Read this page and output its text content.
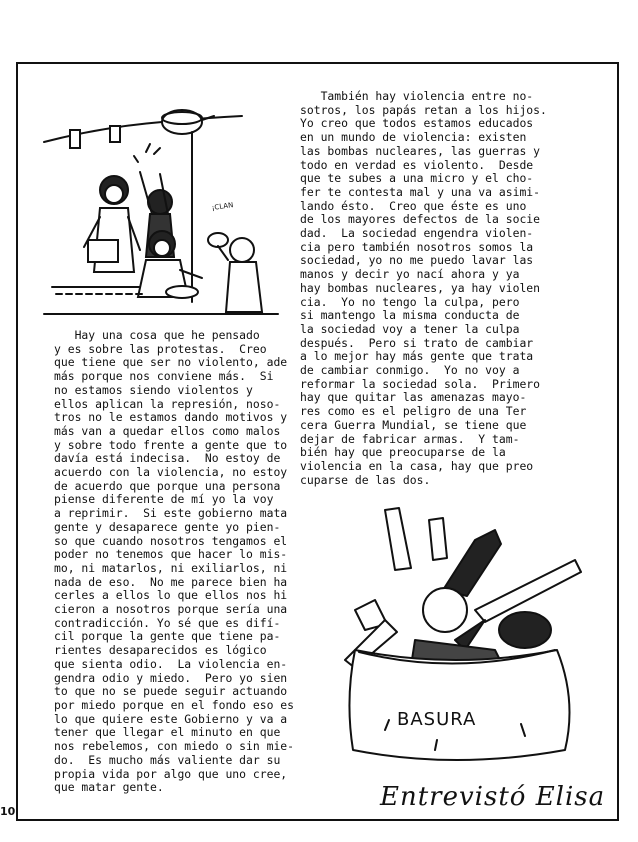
¡CLAN

Hay una cosa que he pensado

y es sobre las protestas.  Creo

que tiene que ser no violento, ade

más porque nos conviene más.  Si

no estamos siendo violentos y

ellos aplican la represión, noso-

tros no le estamos dando motivos y

más van a quedar ellos como malos

y sobre todo frente a gente que to

davía está indecisa.  No estoy de

acuerdo con la violencia, no estoy

de acuerdo que porque una persona

piense diferente de mí yo la voy

a reprimir.  Si este gobierno mata

gente y desaparece gente yo pien-

so que cuando nosotros tengamos el

poder no tenemos que hacer lo mis-

mo, ni matarlos, ni exiliarlos, ni

nada de eso.  No me parece bien ha

cerles a ellos lo que ellos nos hi

cieron a nosotros porque sería una

contradicción. Yo sé que es difí-

cil porque la gente que tiene pa-

rientes desaparecidos es lógico

que sienta odio.  La violencia en-

gendra odio y miedo.  Pero yo sien

to que no se puede seguir actuando

por miedo porque en el fondo eso es

lo que quiere este Gobierno y va a

tener que llegar el minuto en que

nos rebelemos, con miedo o sin mie-

do.  Es mucho más valiente dar su

propia vida por algo que uno cree,

que matar gente.

También hay violencia entre no-

sotros, los papás retan a los hijos.

Yo creo que todos estamos educados

en un mundo de violencia: existen

las bombas nucleares, las guerras y

todo en verdad es violento.  Desde

que te subes a una micro y el cho-

fer te contesta mal y una va asimi-

lando ésto.  Creo que éste es uno

de los mayores defectos de la socie

dad.  La sociedad engendra violen-

cia pero también nosotros somos la

sociedad, yo no me puedo lavar las

manos y decir yo nací ahora y ya

hay bombas nucleares, ya hay violen

cia.  Yo no tengo la culpa, pero

si mantengo la misma conducta de

la sociedad voy a tener la culpa

después.  Pero si trato de cambiar

a lo mejor hay más gente que trata

de cambiar conmigo.  Yo no voy a

reformar la sociedad sola.  Primero

hay que quitar las amenazas mayo-

res como es el peligro de una Ter

cera Guerra Mundial, se tiene que

dejar de fabricar armas.  Y tam-

bién hay que preocuparse de la

violencia en la casa, hay que preo

cuparse de las dos.

BASURA
Entrevistó Elisa
10
